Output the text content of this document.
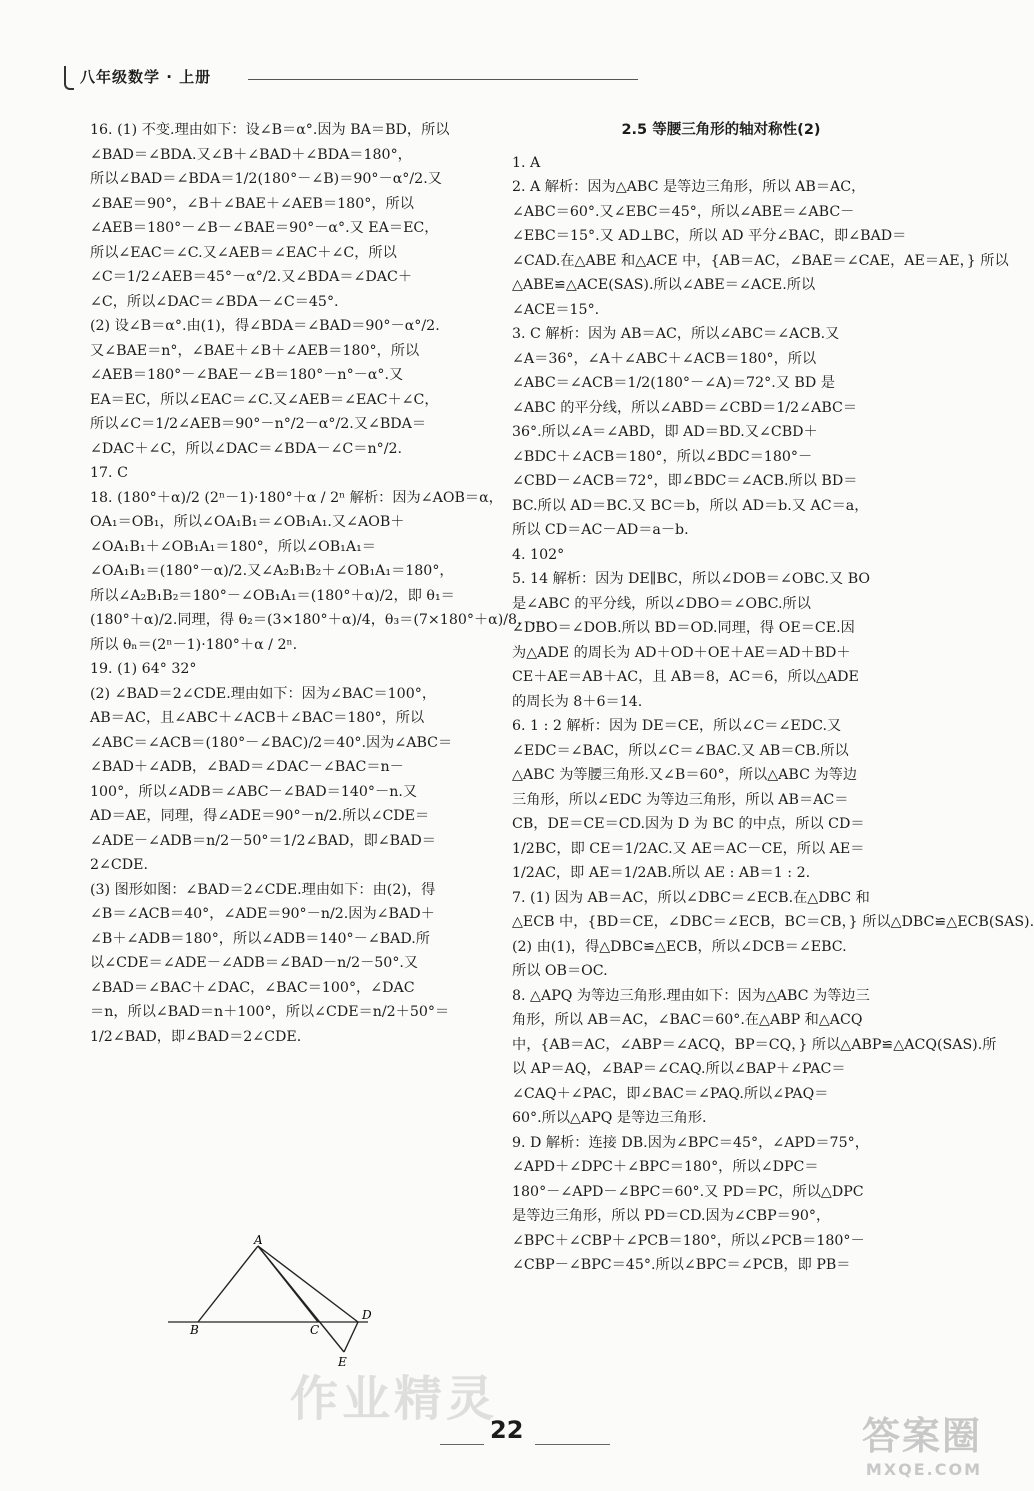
八年级数学 · 上册
16. (1) 不变.理由如下：设∠B＝α°.因为 BA＝BD，所以
∠BAD＝∠BDA.又∠B＋∠BAD＋∠BDA＝180°，
所以∠BAD＝∠BDA＝1/2(180°－∠B)＝90°－α°/2.又
∠BAE＝90°，∠B＋∠BAE＋∠AEB＝180°，所以
∠AEB＝180°－∠B－∠BAE＝90°－α°.又 EA＝EC，
所以∠EAC＝∠C.又∠AEB＝∠EAC＋∠C，所以
∠C＝1/2∠AEB＝45°－α°/2.又∠BDA＝∠DAC＋
∠C，所以∠DAC＝∠BDA－∠C＝45°.
(2) 设∠B＝α°.由(1)，得∠BDA＝∠BAD＝90°－α°/2.
又∠BAE＝n°，∠BAE＋∠B＋∠AEB＝180°，所以
∠AEB＝180°－∠BAE－∠B＝180°－n°－α°.又
EA＝EC，所以∠EAC＝∠C.又∠AEB＝∠EAC＋∠C，
所以∠C＝1/2∠AEB＝90°－n°/2－α°/2.又∠BDA＝
∠DAC＋∠C，所以∠DAC＝∠BDA－∠C＝n°/2.
17. C
18. (180°＋α)/2 (2ⁿ－1)·180°＋α / 2ⁿ 解析：因为∠AOB＝α，
OA₁＝OB₁，所以∠OA₁B₁＝∠OB₁A₁.又∠AOB＋
∠OA₁B₁＋∠OB₁A₁＝180°，所以∠OB₁A₁＝
∠OA₁B₁＝(180°－α)/2.又∠A₂B₁B₂＋∠OB₁A₁＝180°，
所以∠A₂B₁B₂＝180°－∠OB₁A₁＝(180°＋α)/2，即 θ₁＝
(180°＋α)/2.同理，得 θ₂＝(3×180°＋α)/4，θ₃＝(7×180°＋α)/8，…，
所以 θₙ＝(2ⁿ－1)·180°＋α / 2ⁿ.
19. (1) 64° 32°
(2) ∠BAD＝2∠CDE.理由如下：因为∠BAC＝100°，
AB＝AC，且∠ABC＋∠ACB＋∠BAC＝180°，所以
∠ABC＝∠ACB＝(180°－∠BAC)/2＝40°.因为∠ABC＝
∠BAD＋∠ADB，∠BAD＝∠DAC－∠BAC＝n－
100°，所以∠ADB＝∠ABC－∠BAD＝140°－n.又
AD＝AE，同理，得∠ADE＝90°－n/2.所以∠CDE＝
∠ADE－∠ADB＝n/2－50°＝1/2∠BAD，即∠BAD＝
2∠CDE.
(3) 图形如图：∠BAD＝2∠CDE.理由如下：由(2)，得
∠B＝∠ACB＝40°，∠ADE＝90°－n/2.因为∠BAD＋
∠B＋∠ADB＝180°，所以∠ADB＝140°－∠BAD.所
以∠CDE＝∠ADE－∠ADB＝∠BAD－n/2－50°.又
∠BAD＝∠BAC＋∠DAC，∠BAC＝100°，∠DAC
＝n，所以∠BAD＝n＋100°，所以∠CDE＝n/2＋50°＝
1/2∠BAD，即∠BAD＝2∠CDE.
2.5 等腰三角形的轴对称性(2)
1. A
2. A 解析：因为△ABC 是等边三角形，所以 AB＝AC，
∠ABC＝60°.又∠EBC＝45°，所以∠ABE＝∠ABC－
∠EBC＝15°.又 AD⊥BC，所以 AD 平分∠BAC，即∠BAD＝
∠CAD.在△ABE 和△ACE 中，{AB＝AC，∠BAE＝∠CAE，AE＝AE，} 所以
△ABE≌△ACE(SAS).所以∠ABE＝∠ACE.所以
∠ACE＝15°.
3. C 解析：因为 AB＝AC，所以∠ABC＝∠ACB.又
∠A＝36°，∠A＋∠ABC＋∠ACB＝180°，所以
∠ABC＝∠ACB＝1/2(180°－∠A)＝72°.又 BD 是
∠ABC 的平分线，所以∠ABD＝∠CBD＝1/2∠ABC＝
36°.所以∠A＝∠ABD，即 AD＝BD.又∠CBD＋
∠BDC＋∠ACB＝180°，所以∠BDC＝180°－
∠CBD－∠ACB＝72°，即∠BDC＝∠ACB.所以 BD＝
BC.所以 AD＝BC.又 BC＝b，所以 AD＝b.又 AC＝a，
所以 CD＝AC－AD＝a－b.
4. 102°
5. 14 解析：因为 DE∥BC，所以∠DOB＝∠OBC.又 BO
是∠ABC 的平分线，所以∠DBO＝∠OBC.所以
∠DBO＝∠DOB.所以 BD＝OD.同理，得 OE＝CE.因
为△ADE 的周长为 AD＋OD＋OE＋AE＝AD＋BD＋
CE＋AE＝AB＋AC，且 AB＝8，AC＝6，所以△ADE
的周长为 8＋6＝14.
6. 1 : 2 解析：因为 DE＝CE，所以∠C＝∠EDC.又
∠EDC＝∠BAC，所以∠C＝∠BAC.又 AB＝CB.所以
△ABC 为等腰三角形.又∠B＝60°，所以△ABC 为等边
三角形，所以∠EDC 为等边三角形，所以 AB＝AC＝
CB，DE＝CE＝CD.因为 D 为 BC 的中点，所以 CD＝
1/2BC，即 CE＝1/2AC.又 AE＝AC－CE，所以 AE＝
1/2AC，即 AE＝1/2AB.所以 AE : AB＝1 : 2.
7. (1) 因为 AB＝AC，所以∠DBC＝∠ECB.在△DBC 和
△ECB 中，{BD＝CE，∠DBC＝∠ECB，BC＝CB，} 所以△DBC≌△ECB(SAS).
(2) 由(1)，得△DBC≌△ECB，所以∠DCB＝∠EBC.
所以 OB＝OC.
8. △APQ 为等边三角形.理由如下：因为△ABC 为等边三
角形，所以 AB＝AC，∠BAC＝60°.在△ABP 和△ACQ
中，{AB＝AC，∠ABP＝∠ACQ，BP＝CQ，} 所以△ABP≌△ACQ(SAS).所
以 AP＝AQ，∠BAP＝∠CAQ.所以∠BAP＋∠PAC＝
∠CAQ＋∠PAC，即∠BAC＝∠PAQ.所以∠PAQ＝
60°.所以△APQ 是等边三角形.
9. D 解析：连接 DB.因为∠BPC＝45°，∠APD＝75°，
∠APD＋∠DPC＋∠BPC＝180°，所以∠DPC＝
180°－∠APD－∠BPC＝60°.又 PD＝PC，所以△DPC
是等边三角形，所以 PD＝CD.因为∠CBP＝90°，
∠BPC＋∠CBP＋∠PCB＝180°，所以∠PCB＝180°－
∠CBP－∠BPC＝45°.所以∠BPC＝∠PCB，即 PB＝
A
B	C
D
E
作业精灵
22	答案圈
MXQE.COM
